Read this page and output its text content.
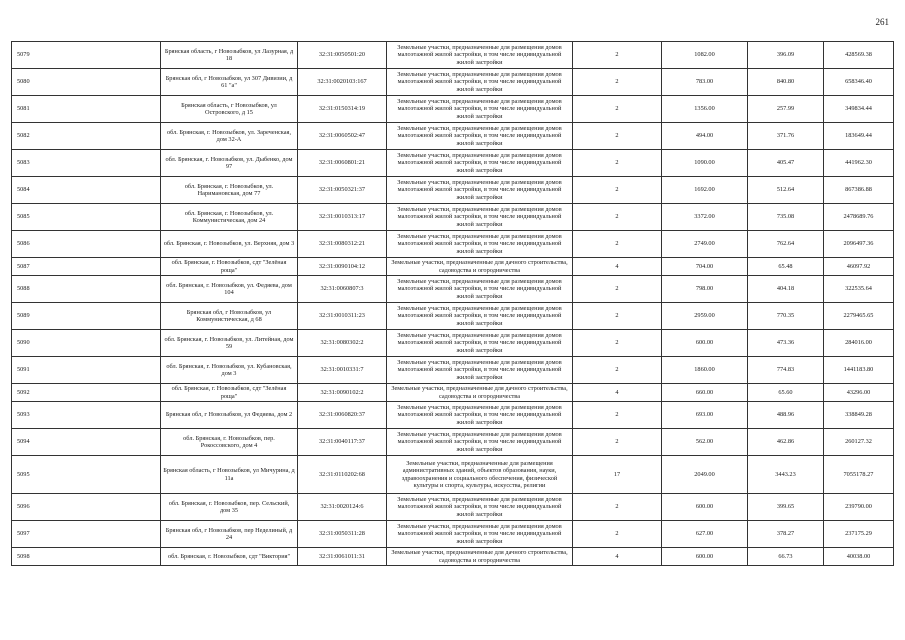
261
5079	Брянская область, г Новозыбков, ул Лазурная, д 18	32:31:0050501:20	Земельные участки, предназначенные для размещения домов малоэтажной жилой застройки, в том числе индивидуальной жилой застройки	2	1082.00	396.09	428569.38
5080	Брянская обл, г Новозыбков, ул 307 Дивизии, д 61 "а"	32:31:0020103:167	Земельные участки, предназначенные для размещения домов малоэтажной жилой застройки, в том числе индивидуальной жилой застройки	2	783.00	840.80	658346.40
5081	Брянская область, г Новозыбков, ул Островского, д 15	32:31:0150314:19	Земельные участки, предназначенные для размещения домов малоэтажной жилой застройки, в том числе индивидуальной жилой застройки	2	1356.00	257.99	349834.44
5082	обл. Брянская, г. Новозыбков, ул. Зареченская, дом 32-А	32:31:0060502:47	Земельные участки, предназначенные для размещения домов малоэтажной жилой застройки, в том числе индивидуальной жилой застройки	2	494.00	371.76	183649.44
5083	обл. Брянская, г. Новозыбков, ул. Дыбенко, дом 97	32:31:0060801:21	Земельные участки, предназначенные для размещения домов малоэтажной жилой застройки, в том числе индивидуальной жилой застройки	2	1090.00	405.47	441962.30
5084	обл. Брянская, г. Новозыбков, ул. Наримановская, дом 77	32:31:0050321:37	Земельные участки, предназначенные для размещения домов малоэтажной жилой застройки, в том числе индивидуальной жилой застройки	2	1692.00	512.64	867386.88
5085	обл. Брянская, г. Новозыбков, ул. Коммунистическая, дом 24	32:31:0010313:17	Земельные участки, предназначенные для размещения домов малоэтажной жилой застройки, в том числе индивидуальной жилой застройки	2	3372.00	735.08	2478689.76
5086	обл. Брянская, г. Новозыбков, ул. Верхняя, дом 3	32:31:0080312:21	Земельные участки, предназначенные для размещения домов малоэтажной жилой застройки, в том числе индивидуальной жилой застройки	2	2749.00	762.64	2096497.36
5087	обл. Брянская, г. Новозыбков, сдт "Зелёная роща"	32:31:0090104:12	Земельные участки, предназначенные для дачного строительства, садоводства и огородничества	4	704.00	65.48	46097.92
5088	обл. Брянская, г. Новозыбков, ул. Федяева, дом 104	32:31:0060807:3	Земельные участки, предназначенные для размещения домов малоэтажной жилой застройки, в том числе индивидуальной жилой застройки	2	798.00	404.18	322535.64
5089	Брянская обл, г Новозыбков, ул Коммунистическая, д 68	32:31:0010311:23	Земельные участки, предназначенные для размещения домов малоэтажной жилой застройки, в том числе индивидуальной жилой застройки	2	2959.00	770.35	2279465.65
5090	обл. Брянская, г. Новозыбков, ул. Литейная, дом 59	32:31:0080302:2	Земельные участки, предназначенные для размещения домов малоэтажной жилой застройки, в том числе индивидуальной жилой застройки	2	600.00	473.36	284016.00
5091	обл. Брянская, г. Новозыбков, ул. Кубановская, дом 3	32:31:0010331:7	Земельные участки, предназначенные для размещения домов малоэтажной жилой застройки, в том числе индивидуальной жилой застройки	2	1860.00	774.83	1441183.80
5092	обл. Брянская, г. Новозыбков, сдт "Зелёная роща"	32:31:0090102:2	Земельные участки, предназначенные для дачного строительства, садоводства и огородничества	4	660.00	65.60	43296.00
5093	Брянская обл, г Новозыбков, ул Федяева, дом 2	32:31:0060820:37	Земельные участки, предназначенные для размещения домов малоэтажной жилой застройки, в том числе индивидуальной жилой застройки	2	693.00	488.96	338849.28
5094	обл. Брянская, г. Новозыбков, пер. Рокоссовского, дом 4	32:31:0040117:37	Земельные участки, предназначенные для размещения домов малоэтажной жилой застройки, в том числе индивидуальной жилой застройки	2	562.00	462.86	260127.32
5095	Брянская область, г Новозыбков, ул Мичурина, д 11а	32:31:0110202:68	Земельные участки, предназначенные для размещения административных зданий, объектов образования, науки, здравоохранения и социального обеспечения, физической культуры и спорта, культуры, искусства, религии	17	2049.00	3443.23	7055178.27
5096	обл. Брянская, г. Новозыбков, пер. Сельский, дом 35	32:31:0020124:6	Земельные участки, предназначенные для размещения домов малоэтажной жилой застройки, в том числе индивидуальной жилой застройки	2	600.00	399.65	239790.00
5097	Брянская обл, г Новозыбков, пер Неделиный, д 24	32:31:0050311:28	Земельные участки, предназначенные для размещения домов малоэтажной жилой застройки, в том числе индивидуальной жилой застройки	2	627.00	378.27	237175.29
5098	обл. Брянская, г. Новозыбков, сдт "Виктория"	32:31:0061011:31	Земельные участки, предназначенные для дачного строительства, садоводства и огородничества	4	600.00	66.73	40038.00
